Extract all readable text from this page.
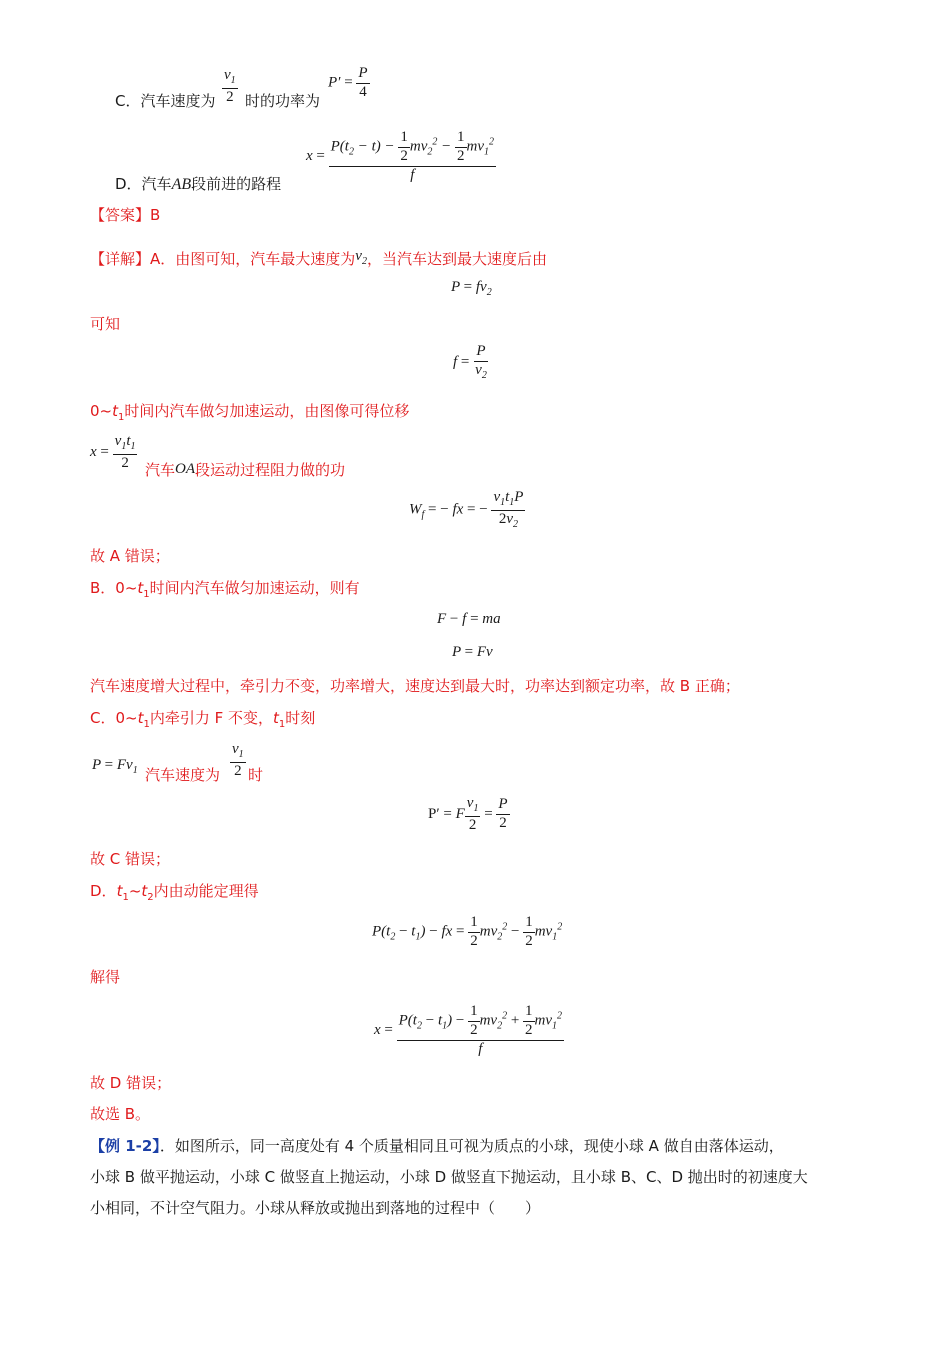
C．汽车速度为 $\frac{v_1}{2}$ 时的功率为
$P' = \frac{P}{4}$
$x = \frac{P(t_2 - t) - \frac{1}{2} mv_2^2 - \frac{1}{2} mv_1^2}{f}$
D．汽车AB段前进的路程
【答案】B
【详解】A．由图可知，汽车最大速度为$v_2$，当汽车达到最大速度后由
$P = fv_2$
可知
$f = \frac{P}{v_2}$
$0\sim t_1$时间内汽车做匀加速运动，由图像可得位移
$x = \frac{v_1t_1}{2}$ 汽车OA段运动过程阻力做的功
$W_f$ = − fx = − $\frac{v_1t_1P}{2v_2}$
故 A 错误；
B．$0\sim t_1$时间内汽车做匀加速运动，则有
F − f = ma
P = Fv
汽车速度增大过程中，牵引力不变，功率增大，速度达到最大时，功率达到额定功率，故 B 正确；
C．$0\sim t_1$内牵引力 F 不变，$t_1$时刻
$P = Fv_1$ 汽车速度为 $\frac{v_1}{2}$ 时
P′ = F $\frac{v_1}{2} = \frac{P}{2}$
故 C 错误；
D．$t_1\sim t_2$内由动能定理得
$P(t_2 - t_1)$ − fx = $\frac{1}{2} mv_2^2 - \frac{1}{2} mv_1^2$
解得
$x = \frac{P(t_2 - t_1) - \frac{1}{2} mv_2^2 + \frac{1}{2} mv_1^2}{f}$
故 D 错误；
故选 B。
【例 1-2】．如图所示，同一高度处有 4 个质量相同且可视为质点的小球，现使小球 A 做自由落体运动，
小球 B 做平抛运动，小球 C 做竖直上抛运动，小球 D 做竖直下抛运动，且小球 B、C、D 抛出时的初速度大
小相同，不计空气阻力。小球从释放或抛出到落地的过程中（　　）
